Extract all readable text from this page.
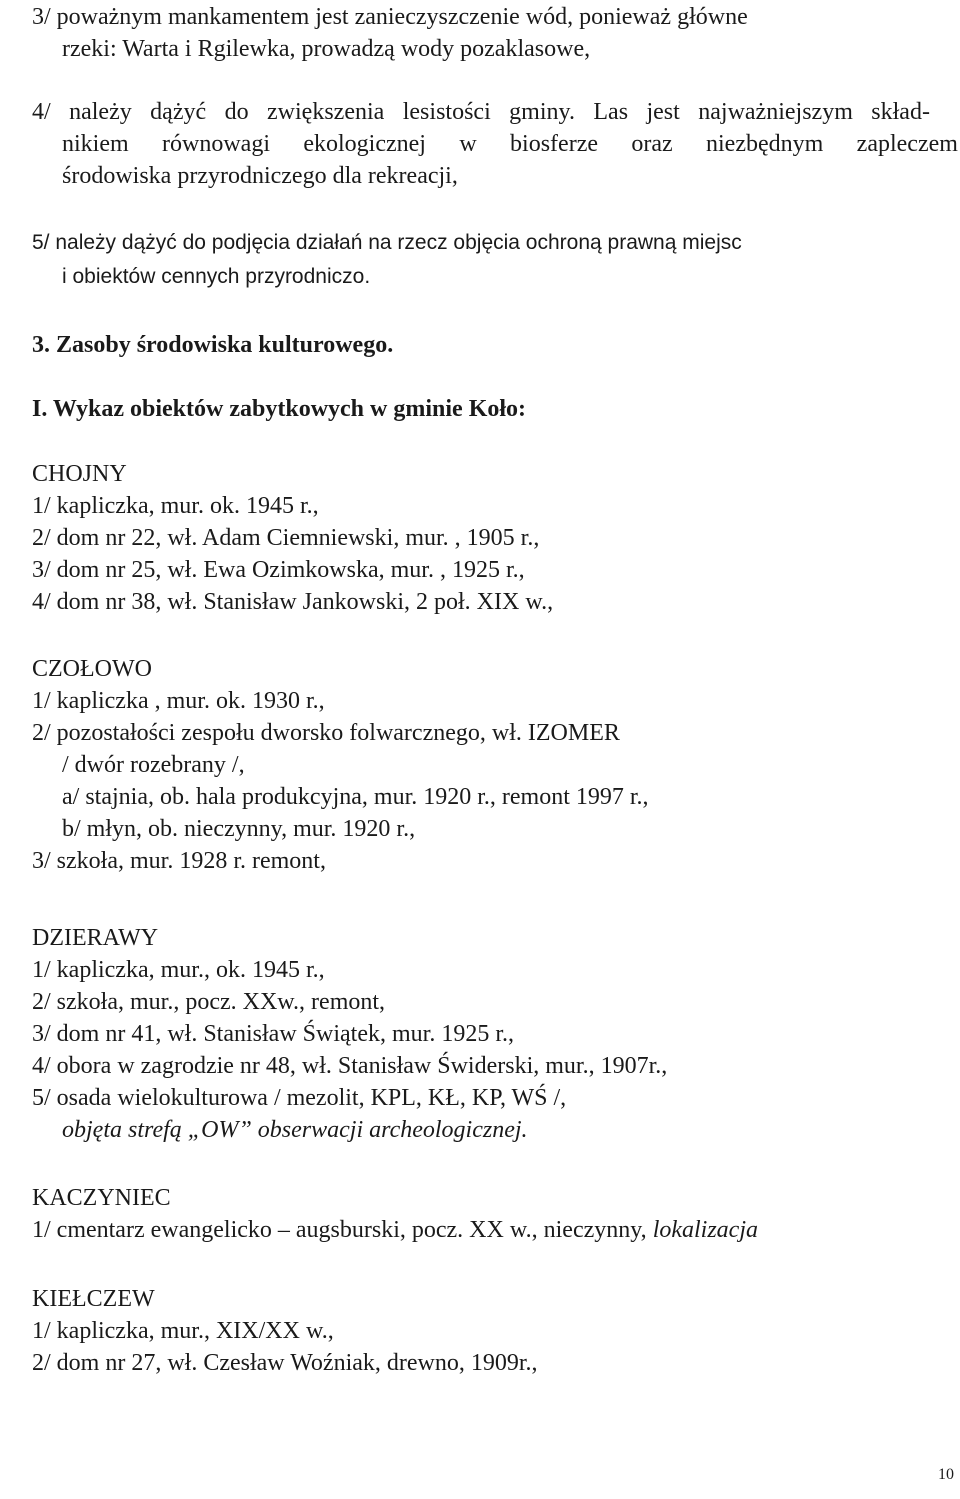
3/ poważnym mankamentem jest zanieczyszczenie wód, ponieważ główne
rzeki: Warta i Rgilewka, prowadzą wody pozaklasowe,
4/ należy dążyć do zwiększenia lesistości gminy. Las jest najważniejszym skład-
nikiem równowagi ekologicznej w biosferze oraz niezbędnym zapleczem
środowiska przyrodniczego dla rekreacji,
5/ należy dążyć do podjęcia działań na rzecz objęcia ochroną prawną miejsc
i obiektów cennych przyrodniczo.
3. Zasoby środowiska kulturowego.
I. Wykaz obiektów zabytkowych w gminie Koło:
CHOJNY
1/ kapliczka, mur. ok. 1945 r.,
2/ dom nr 22, wł. Adam Ciemniewski, mur. , 1905 r.,
3/ dom nr 25, wł. Ewa Ozimkowska, mur. , 1925 r.,
4/ dom nr 38, wł. Stanisław Jankowski, 2 poł. XIX w.,
CZOŁOWO
1/ kapliczka , mur. ok. 1930 r.,
2/ pozostałości zespołu dworsko folwarcznego, wł. IZOMER
/ dwór rozebrany /,
a/ stajnia, ob. hala produkcyjna, mur. 1920 r., remont 1997 r.,
b/ młyn, ob. nieczynny, mur. 1920 r.,
3/ szkoła, mur. 1928 r. remont,
DZIERAWY
1/ kapliczka, mur., ok. 1945 r.,
2/ szkoła, mur., pocz. XXw., remont,
3/ dom nr 41, wł. Stanisław Świątek, mur. 1925 r.,
4/ obora w zagrodzie nr 48, wł. Stanisław Świderski, mur., 1907r.,
5/ osada wielokulturowa / mezolit, KPL, KŁ, KP, WŚ /,
objęta strefą „OW” obserwacji archeologicznej.
KACZYNIEC
1/ cmentarz ewangelicko – augsburski, pocz. XX w., nieczynny, lokalizacja
KIEŁCZEW
1/ kapliczka, mur., XIX/XX w.,
2/ dom nr 27, wł. Czesław Woźniak, drewno, 1909r.,
10
